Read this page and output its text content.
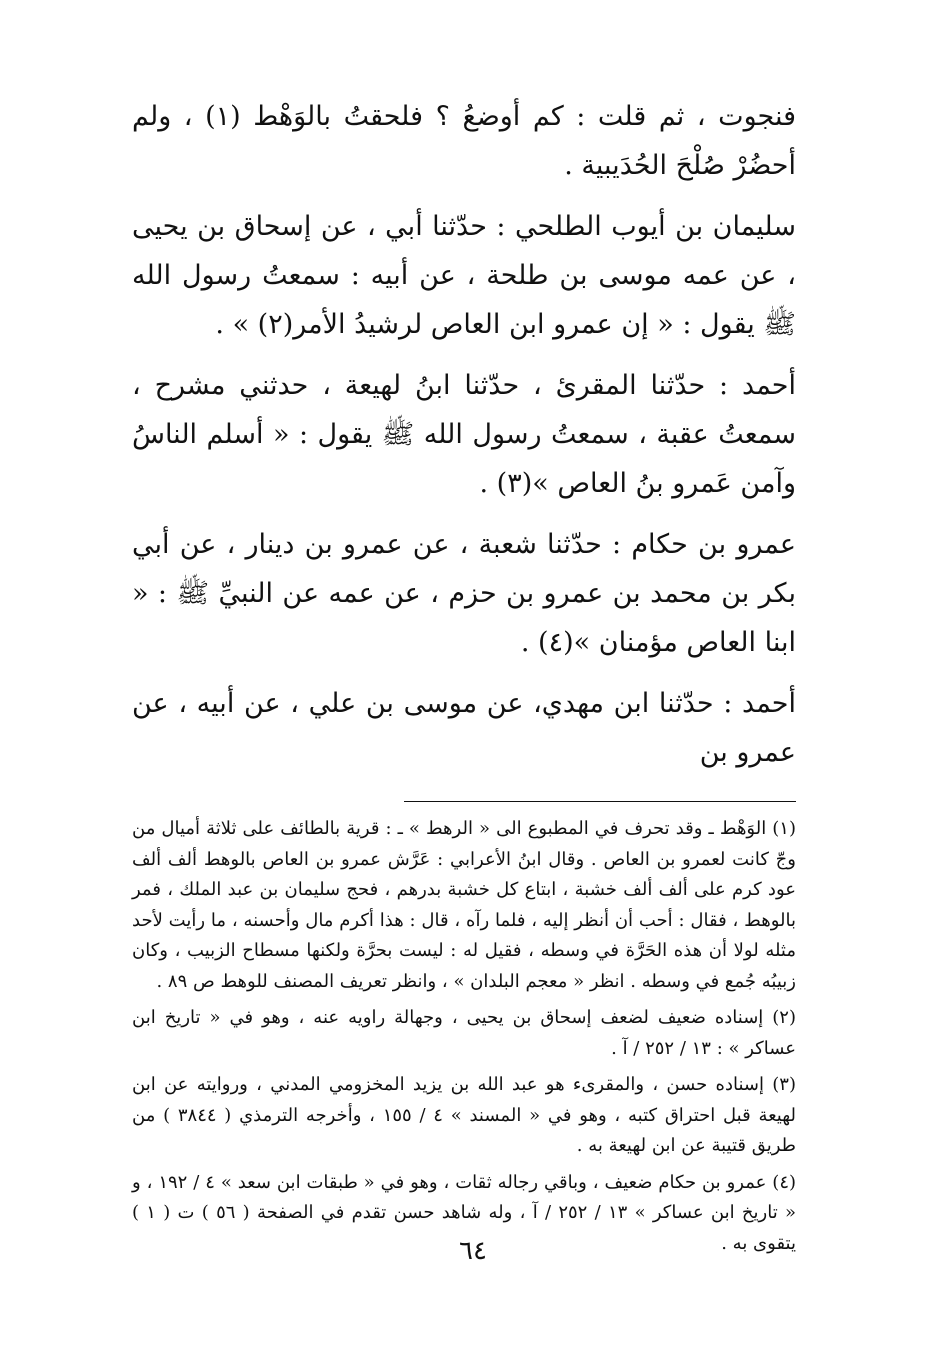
فنجوت ، ثم قلت : كم أوضعُ ؟ فلحقتُ بالوَهْط (١) ، ولم أحضُرْ صُلْحَ الحُدَيبية .

سليمان بن أيوب الطلحي : حدّثنا أبي ، عن إسحاق بن يحيى ، عن عمه موسى بن طلحة ، عن أبيه : سمعتُ رسول الله ﷺ يقول : « إن عمرو ابن العاص لرشيدُ الأمر(٢) » .

أحمد : حدّثنا المقرئ ، حدّثنا ابنُ لهيعة ، حدثني مشرح ، سمعتُ عقبة ، سمعتُ رسول الله ﷺ يقول : « أسلم الناسُ وآمن عَمرو بنُ العاص »(٣) .

عمرو بن حكام : حدّثنا شعبة ، عن عمرو بن دينار ، عن أبي بكر بن محمد بن عمرو بن حزم ، عن عمه عن النبيِّ ﷺ : « ابنا العاص مؤمنان »(٤) .

أحمد : حدّثنا ابن مهدي، عن موسى بن علي ، عن أبيه ، عن عمرو بن

(١) الوَهْط ـ وقد تحرف في المطبوع الى « الرهط » ـ : قرية بالطائف على ثلاثة أميال من وجّ كانت لعمرو بن العاص . وقال ابنُ الأعرابي : عَرَّش عمرو بن العاص بالوهط ألف ألف عود كرم على ألف ألف خشبة ، ابتاع كل خشبة بدرهم ، فحج سليمان بن عبد الملك ، فمر بالوهط ، فقال : أحب أن أنظر إليه ، فلما رآه ، قال : هذا أكرم مال وأحسنه ، ما رأيت لأحد مثله لولا أن هذه الحَرَّة في وسطه ، فقيل له : ليست بحرَّة ولكنها مسطاح الزبيب ، وكان زبيبُه جُمع في وسطه . انظر « معجم البلدان » ، وانظر تعريف المصنف للوهط ص ٨٩ .

(٢) إسناده ضعيف لضعف إسحاق بن يحيى ، وجهالة راويه عنه ، وهو في « تاريخ ابن عساكر » : ١٣ / ٢٥٢ / آ .

(٣) إسناده حسن ، والمقرىء هو عبد الله بن يزيد المخزومي المدني ، وروايته عن ابن لهيعة قبل احتراق كتبه ، وهو في « المسند » ٤ / ١٥٥ ، وأخرجه الترمذي ( ٣٨٤٤ ) من طريق قتيبة عن ابن لهيعة به .

(٤) عمرو بن حكام ضعيف ، وباقي رجاله ثقات ، وهو في « طبقات ابن سعد » ٤ / ١٩٢ ، و « تاريخ ابن عساكر » ١٣ / ٢٥٢ / آ ، وله شاهد حسن تقدم في الصفحة ( ٥٦ ) ت ( ١ ) يتقوى به .

٦٤
